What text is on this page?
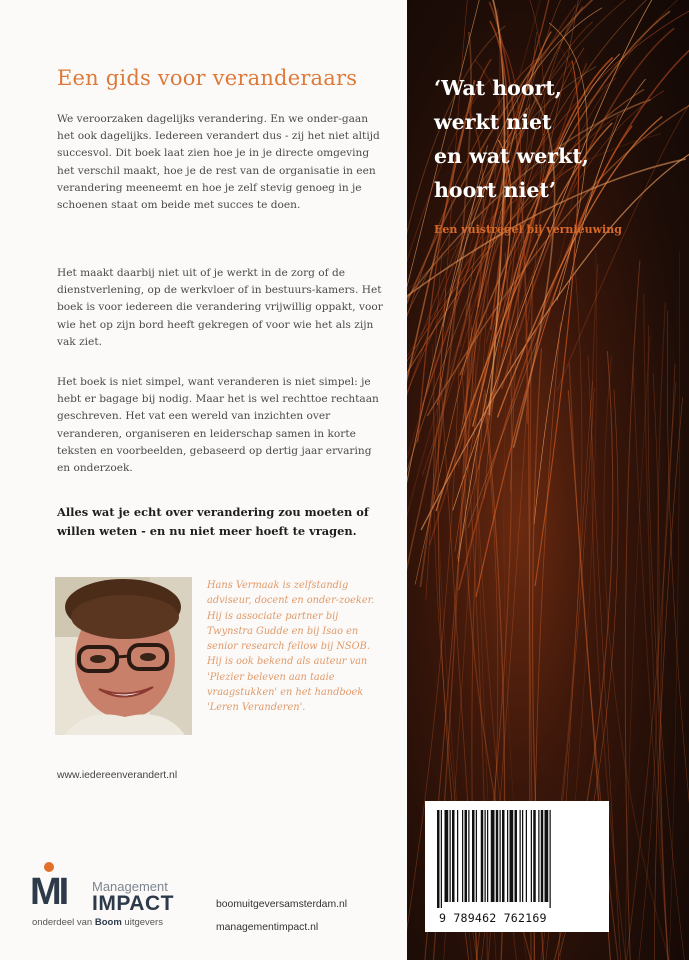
Een gids voor veranderaars

We veroorzaken dagelijks verandering. En we onder-gaan het ook dagelijks. Iedereen verandert dus - zij het niet altijd succesvol. Dit boek laat zien hoe je in je directe omgeving het verschil maakt, hoe je de rest van de organisatie in een verandering meeneemt en hoe je zelf stevig genoeg in je schoenen staat om beide met succes te doen.

Het maakt daarbij niet uit of je werkt in de zorg of de dienstverlening, op de werkvloer of in bestuurs-kamers. Het boek is voor iedereen die verandering vrijwillig oppakt, voor wie het op zijn bord heeft gekregen of voor wie het als zijn vak ziet.

Het boek is niet simpel, want veranderen is niet simpel: je hebt er bagage bij nodig. Maar het is wel rechttoe rechtaan geschreven. Het vat een wereld van inzichten over veranderen, organiseren en leiderschap samen in korte teksten en voorbeelden, gebaseerd op dertig jaar ervaring en onderzoek.

Alles wat je echt over verandering zou moeten of willen weten - en nu niet meer hoeft te vragen.

Hans Vermaak is zelfstandig adviseur, docent en onder-zoeker. Hij is associate partner bij Twynstra Gudde en bij Isao en senior research fellow bij NSOB. Hij is ook bekend als auteur van 'Plezier beleven aan taaie vraagstukken' en het handboek 'Leren Veranderen'.

www.iedereenverandert.nl
MI Management
IMPACT
onderdeel van Boom uitgevers
boomuitgeversamsterdam.nl
managementimpact.nl
‘Wat hoort,
werkt niet
en wat werkt,
hoort niet’
Een vuistregel bij vernieuwing
9 789462 762169
